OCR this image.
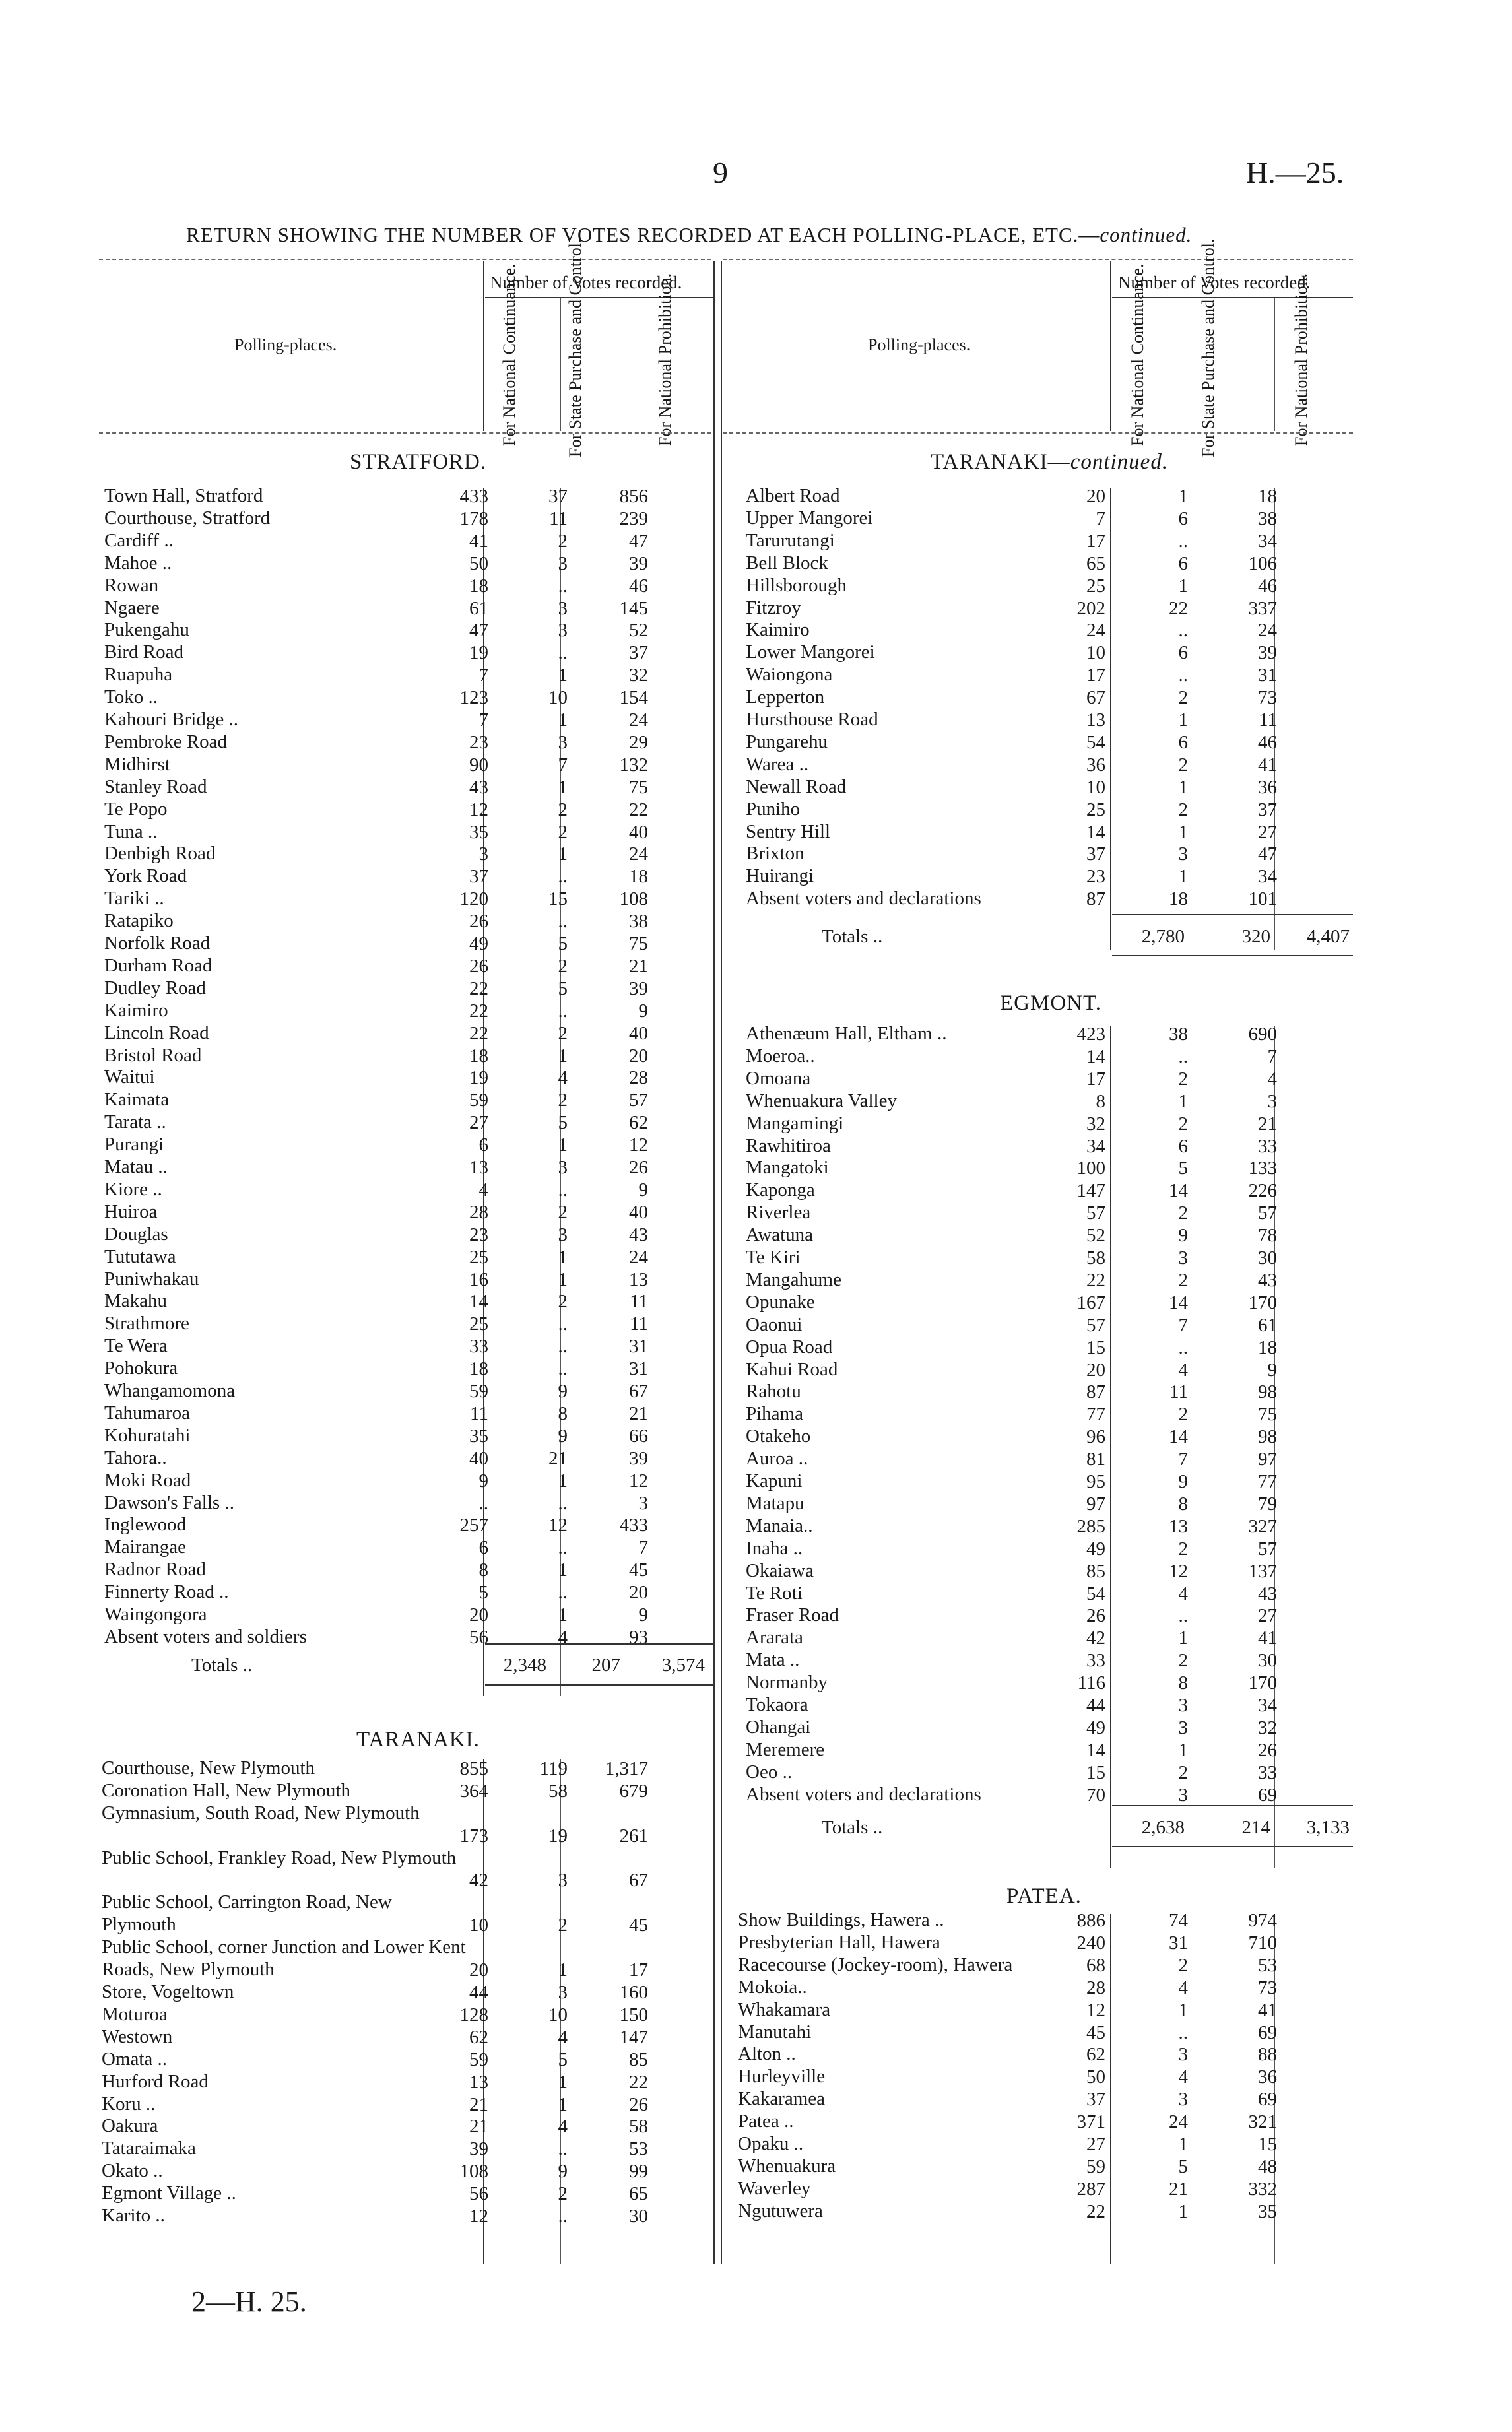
9	H.—25.
RETURN SHOWING THE NUMBER OF VOTES RECORDED AT EACH POLLING-PLACE, ETC.—continued.
Number of Votes recorded.
Polling-places.	For National Continuance.	For State Purchase and Control.	For National Prohibition.	Number of Votes recorded.
Polling-places.	For National Continuance.	For State Purchase and Control.	For National Prohibition.
STRATFORD.	TARANAKI—continued.
TARANAKI.
EGMONT.
PATEA.
Town Hall, Stratford	433	37	856
Courthouse, Stratford	178	11	239
Cardiff ..	41	2	47
Mahoe ..	50	3	39
Rowan	18	..	46
Ngaere	61	3	145
Pukengahu	47	3	52
Bird Road	19	..	37
Ruapuha	7	1	32
Toko ..	123	10	154
Kahouri Bridge ..	7	1	24
Pembroke Road	23	3	29
Midhirst	90	7	132
Stanley Road	43	1	75
Te Popo	12	2	22
Tuna ..	35	2	40
Denbigh Road	3	1	24
York Road	37	..	18
Tariki ..	120	15	108
Ratapiko	26	..	38
Norfolk Road	49	5	75
Durham Road	26	2	21
Dudley Road	22	5	39
Kaimiro	22	..	9
Lincoln Road	22	2	40
Bristol Road	18	1	20
Waitui	19	4	28
Kaimata	59	2	57
Tarata ..	27	5	62
Purangi	6	1	12
Matau ..	13	3	26
Kiore ..	4	..	9
Huiroa	28	2	40
Douglas	23	3	43
Tututawa	25	1	24
Puniwhakau	16	1	13
Makahu	14	2	11
Strathmore	25	..	11
Te Wera	33	..	31
Pohokura	18	..	31
Whangamomona	59	9	67
Tahumaroa	11	8	21
Kohuratahi	35	9	66
Tahora..	40	21	39
Moki Road	9	1	12
Dawson's Falls ..	..	..	3
Inglewood	257	12	433
Mairangae	6	..	7
Radnor Road	8	1	45
Finnerty Road ..	5	..	20
Waingongora	20	1	9
Absent voters and soldiers	56	4	93
Courthouse, New Plymouth	855	119	1,317
Coronation Hall, New Plymouth	364	58	679
Gymnasium, South Road, New Plymouth
173	19	261
Public School, Frankley Road, New Plymouth
42	3	67
Public School, Carrington Road, New Plymouth	10	2	45
Public School, corner Junction and Lower Kent Roads, New Plymouth	20	1	17
Store, Vogeltown	44	3	160
Moturoa	128	10	150
Westown	62	4	147
Omata ..	59	5	85
Hurford Road	13	1	22
Koru ..	21	1	26
Oakura	21	4	58
Tataraimaka	39	..	53
Okato ..	108	9	99
Egmont Village ..	56	2	65
Karito ..	12	..	30
Albert Road	20	1	18
Upper Mangorei	7	6	38
Tarurutangi	17	..	34
Bell Block	65	6	106
Hillsborough	25	1	46
Fitzroy	202	22	337
Kaimiro	24	..	24
Lower Mangorei	10	6	39
Waiongona	17	..	31
Lepperton	67	2	73
Hursthouse Road	13	1	11
Pungarehu	54	6	46
Warea ..	36	2	41
Newall Road	10	1	36
Puniho	25	2	37
Sentry Hill	14	1	27
Brixton	37	3	47
Huirangi	23	1	34
Absent voters and declarations	87	18	101
Athenæum Hall, Eltham ..	423	38	690
Moeroa..	14	..	7
Omoana	17	2	4
Whenuakura Valley	8	1	3
Mangamingi	32	2	21
Rawhitiroa	34	6	33
Mangatoki	100	5	133
Kaponga	147	14	226
Riverlea	57	2	57
Awatuna	52	9	78
Te Kiri	58	3	30
Mangahume	22	2	43
Opunake	167	14	170
Oaonui	57	7	61
Opua Road	15	..	18
Kahui Road	20	4	9
Rahotu	87	11	98
Pihama	77	2	75
Otakeho	96	14	98
Auroa ..	81	7	97
Kapuni	95	9	77
Matapu	97	8	79
Manaia..	285	13	327
Inaha ..	49	2	57
Okaiawa	85	12	137
Te Roti	54	4	43
Fraser Road	26	..	27
Ararata	42	1	41
Mata ..	33	2	30
Normanby	116	8	170
Tokaora	44	3	34
Ohangai	49	3	32
Meremere	14	1	26
Oeo ..	15	2	33
Absent voters and declarations	70	3	69
Show Buildings, Hawera ..	886	74	974
Presbyterian Hall, Hawera	240	31	710
Racecourse (Jockey-room), Hawera	68	2	53
Mokoia..	28	4	73
Whakamara	12	1	41
Manutahi	45	..	69
Alton ..	62	3	88
Hurleyville	50	4	36
Kakaramea	37	3	69
Patea ..	371	24	321
Opaku ..	27	1	15
Whenuakura	59	5	48
Waverley	287	21	332
Ngutuwera	22	1	35
Totals ..	2,348	207	3,574
Totals ..	2,780	320	4,407
Totals ..	2,638	214	3,133
2—H. 25.
